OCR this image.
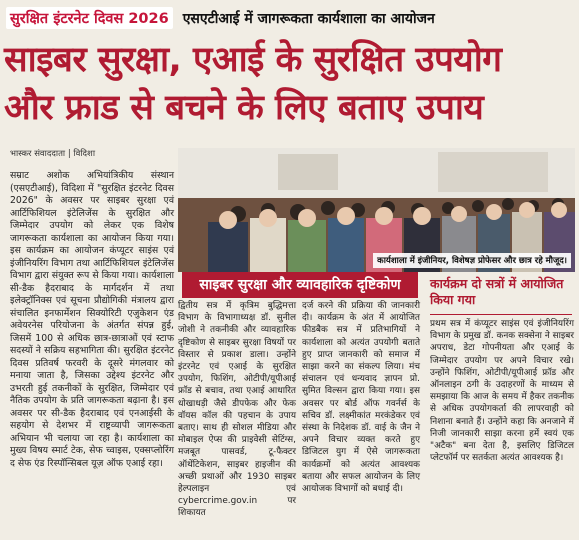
सुरक्षित इंटरनेट दिवस 2026 एसएटीआई में जागरूकता कार्यशाला का आयोजन
साइबर सुरक्षा, एआई के सुरक्षित उपयोग
और फ्राड से बचने के लिए बताए उपाय
भास्कर संवाददाता | विदिशा
सम्राट अशोक अभियांत्रिकीय संस्थान (एसएटीआई), विदिशा में "सुरक्षित इंटरनेट दिवस 2026" के अवसर पर साइबर सुरक्षा एवं आर्टिफिशियल इंटेलिजेंस के सुरक्षित और जिम्मेदार उपयोग को लेकर एक विशेष जागरूकता कार्यशाला का आयोजन किया गया। इस कार्यक्रम का आयोजन कंप्यूटर साइंस एवं इंजीनियरिंग विभाग तथा आर्टिफिशियल इंटेलिजेंस विभाग द्वारा संयुक्त रूप से किया गया। कार्यशाला सी-डैक हैदराबाद के मार्गदर्शन में तथा इलेक्ट्रॉनिक्स एवं सूचना प्रौद्योगिकी मंत्रालय द्वारा संचालित इनफार्मेशन सिक्योरिटी एजुकेशन एंड अवेयरनेस परियोजना के अंतर्गत संपन्न हुई, जिसमें 100 से अधिक छात्र-छात्राओं एवं स्टाफ सदस्यों ने सक्रिय सहभागिता की। सुरक्षित इंटरनेट दिवस प्रतिवर्ष फरवरी के दूसरे मंगलवार को मनाया जाता है, जिसका उद्देश्य इंटरनेट और उभरती हुई तकनीकों के सुरक्षित, जिम्मेदार एवं नैतिक उपयोग के प्रति जागरूकता बढ़ाना है। इस अवसर पर सी-डैक हैदराबाद एवं एनआईसी के सहयोग से देशभर में राष्ट्रव्यापी जागरूकता अभियान भी चलाया जा रहा है। कार्यशाला का मुख्य विषय स्मार्ट टेक, सेफ च्वाइस, एक्सप्लोरिंग द सेफ एंड रिस्पॉन्सिबल यूज़ ऑफ एआई रहा।
कार्यशाला में इंजीनियर, विशेषज्ञ प्रोफेसर और छात्र रहे मौजूद।
साइबर सुरक्षा और व्यावहारिक दृष्टिकोण
द्वितीय सत्र में कृत्रिम बुद्धिमत्ता विभाग के विभागाध्यक्ष डॉ. सुनील जोशी ने तकनीकी और व्यावहारिक दृष्टिकोण से साइबर सुरक्षा विषयों पर विस्तार से प्रकाश डाला। उन्होंने इंटरनेट एवं एआई के सुरक्षित उपयोग, फिशिंग, ओटीपी/यूपीआई फ्रॉड से बचाव, तथा एआई आधारित धोखाधड़ी जैसे डीपफेक और फेक वॉयस कॉल की पहचान के उपाय बताए। साथ ही सोशल मीडिया और मोबाइल ऐप्स की प्राइवेसी सेटिंग्स, मजबूत पासवर्ड, टू-फैक्टर ऑथेंटिकेशन, साइबर हाइजीन की अच्छी प्रथाओं और 1930 साइबर हेल्पलाइन एवं cybercrime.gov.in पर शिकायत
दर्ज करने की प्रक्रिया की जानकारी दी। कार्यक्रम के अंत में आयोजित फीडबैक सत्र में प्रतिभागियों ने कार्यशाला को अत्यंत उपयोगी बताते हुए प्राप्त जानकारी को समाज में साझा करने का संकल्प लिया। मंच संचालन एवं धन्यवाद ज्ञापन प्रो. सुमित विल्सन द्वारा किया गया। इस अवसर पर बोर्ड ऑफ गवर्नर्स के सचिव डॉ. लक्ष्मीकांत मरकंडेकर एवं संस्था के निदेशक डॉ. वाई के जैन ने अपने विचार व्यक्त करते हुए डिजिटल युग में ऐसे जागरूकता कार्यक्रमों को अत्यंत आवश्यक बताया और सफल आयोजन के लिए आयोजक विभागों को बधाई दी।
कार्यक्रम दो सत्रों में आयोजित किया गया
प्रथम सत्र में कंप्यूटर साइंस एवं इंजीनियरिंग विभाग के प्रमुख डॉ. कनक सक्सेना ने साइबर अपराध, डेटा गोपनीयता और एआई के जिम्मेदार उपयोग पर अपने विचार रखे। उन्होंने फिशिंग, ओटीपी/यूपीआई फ्रॉड और ऑनलाइन ठगी के उदाहरणों के माध्यम से समझाया कि आज के समय में हैकर तकनीक से अधिक उपयोगकर्ता की लापरवाही को निशाना बनाते हैं। उन्होंने कहा कि अनजाने में निजी जानकारी साझा करना हमें स्वयं एक "अटैक" बना देता है, इसलिए डिजिटल प्लेटफॉर्म पर सतर्कता अत्यंत आवश्यक है।
